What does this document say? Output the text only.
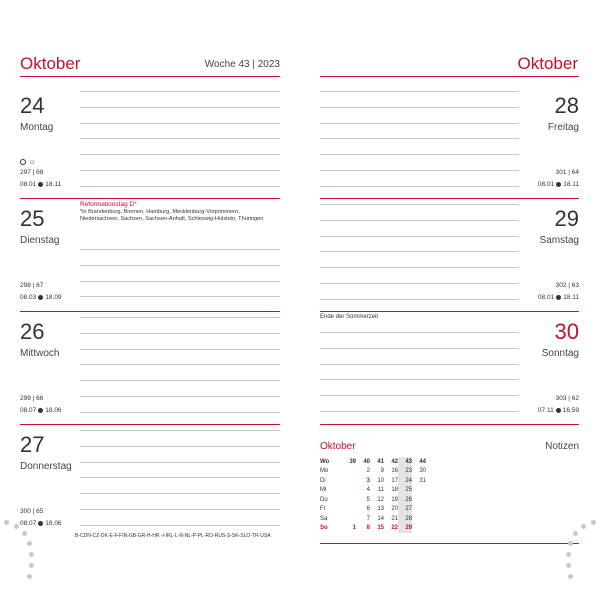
Oktober	Woche 43 | 2023
24
Montag
☼
297 | 68
08.01 18.11
25
Dienstag
Reformationstag D*
*in Brandenburg, Bremen, Hamburg, Mecklenburg-Vorpommern, Niedersachsen, Sachsen, Sachsen-Anhalt, Schleswig-Holstein, Thüringen
298 | 67
08.03 18.09
26
Mittwoch
299 | 66
08.07 18.06
27
Donnerstag
300 | 65
08.07 18.06
B-CDN-CZ-DK-E-F-FIN-GB-GR-H-HR -I-IRL-L-N-NL-P-PL-RO-RUS-S-SK-SLO-TR-USA
Oktober
28
Freitag
301 | 64
08.01 18.11
29
Samstag
302 | 63
08.01 18.11
Ende der Sommerzeit
30
Sonntag
303 | 62
07.11 16.59
Oktober	Notizen
Wo	39	40	41	42	43	44
Mo		2	9	16	23	30
Di		3	10	17	24	31
Mi		4	11	18	25	
Do		5	12	19	26	
Fr		6	13	20	27	
Sa		7	14	21	28	
So	1	8	15	22	29	
